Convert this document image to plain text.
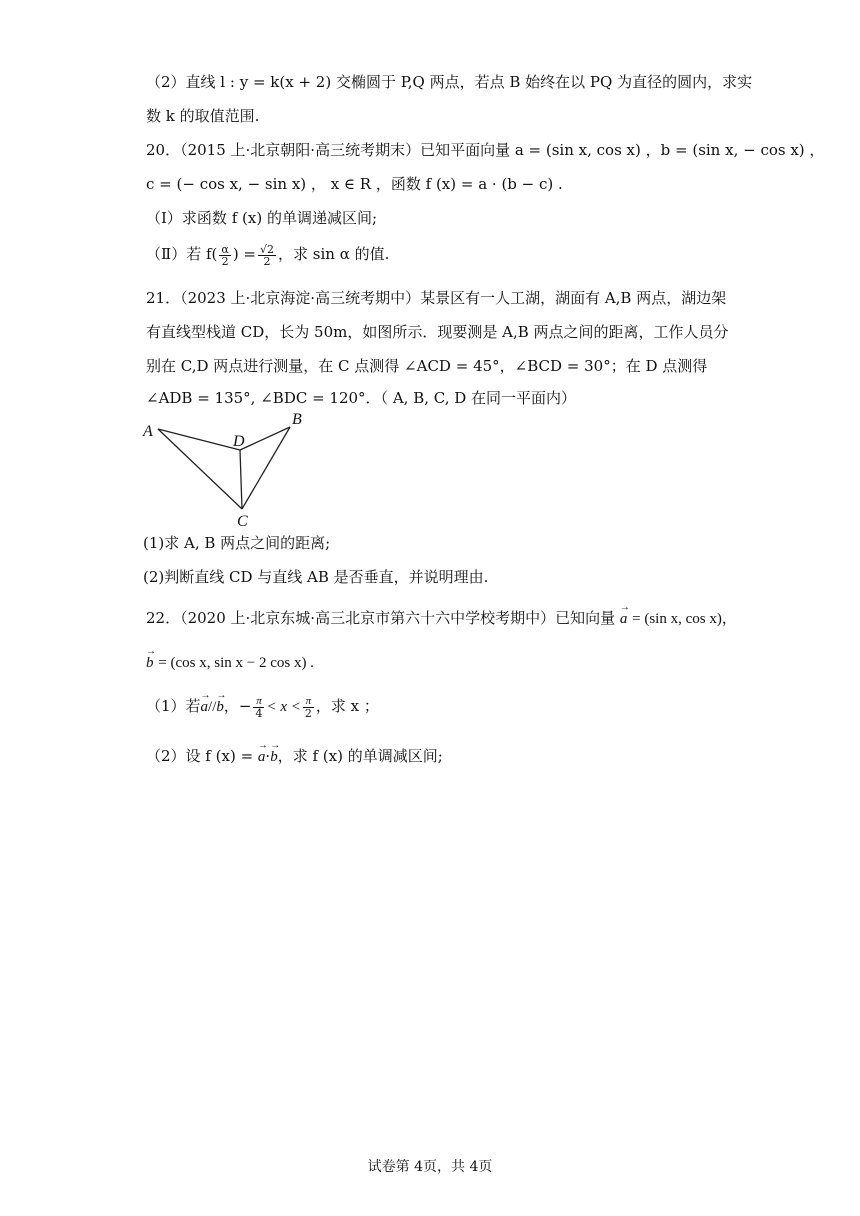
（2）直线 l : y = k(x + 2) 交椭圆于 P,Q 两点，若点 B 始终在以 PQ 为直径的圆内，求实
数 k 的取值范围.
20．（2015 上·北京朝阳·高三统考期末）已知平面向量 a = (sin x, cos x) ，b = (sin x, − cos x) ，
c = (− cos x, − sin x) ， x ∈ R ，函数 f (x) = a · (b − c) .
（Ⅰ）求函数 f (x) 的单调递减区间;
（Ⅱ）若 $f( \frac{\alpha}{2}$ ) = $\frac{√2}{2}$ ，求 sin α 的值.
21．（2023 上·北京海淀·高三统考期中）某景区有一人工湖，湖面有 A,B 两点，湖边架
有直线型栈道 CD，长为 50m，如图所示．现要测是 A,B 两点之间的距离，工作人员分
别在 C,D 两点进行测量，在 C 点测得 ∠ACD = 45°，∠BCD = 30°；在 D 点测得
∠ADB = 135°, ∠BDC = 120°．（ A, B, C, D 在同一平面内）
A
D
B
C
(1)求 A, B 两点之间的距离;
(2)判断直线 CD 与直线 AB 是否垂直，并说明理由.
22．（2020 上·北京东城·高三北京市第六十六中学校考期中）已知向量 → a = (sin x, cos x)，
→ b = (cos x, sin x − 2 cos x) .
（1）若→ a//→ b，− $\frac{\pi}{4} < x < \frac{\pi}{2}$ ，求 x ；
（2）设 f (x) = → a·→ b，求 f (x) 的单调减区间;
试卷第 4页，共 4页
